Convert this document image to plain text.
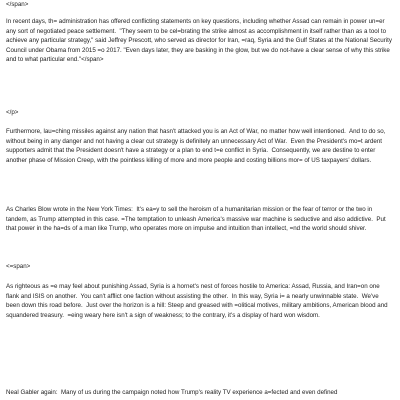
</span>

In recent days, th= administration has offered conflicting statements on key questions, including whether Assad can remain in power un=er any sort of negotiated peace settlement.  "They seem to be cel=brating the strike almost as accomplishment in itself rather than as a tool to achieve any particular strategy," said Jeffrey Prescott, who served as director for Iran, =raq, Syria and the Gulf States at the National Security Council under Obama from 2015 =o 2017. "Even days later, they are basking in the glow, but we do not-have a clear sense of why this strike and to what particular end."</span>

</p>

Furthermore, lau=ching missiles against any nation that hasn't attacked you is an Act of War, no matter how well intentioned.  And to do so, without being in any danger and not having a clear cut strategy is definitely an unnecessary Act of War.  Even the President's mo=t ardent supporters admit that the President doesn't have a strategy or a plan to end t=e conflict in Syria.  Consequently, we are destine to enter another phase of Mission Creep, with the pointless killing of more and more people and costing billions mor= of US taxpayers' dollars.

As Charles Blow wrote in the New York Times:  It's ea=y to sell the heroism of a humanitarian mission or the fear of terror or the two in tandem, as Trump attempted in this case. =The temptation to unleash America's massive war machine is seductive and also addictive.  Put that power in the ha=ds of a man like Trump, who operates more on impulse and intuition than intellect, =nd the world should shiver.

<=span>

As righteous as =e may feel about punishing Assad, Syria is a hornet's nest of forces hostile to America: Assad, Russia, and Iran=on one flank and ISIS on another.  You can't afflict one faction without assisting the other.  In this way, Syria i= a nearly unwinnable state.  We've been down this road before.  Just over the horizon is a hill: Steep and greased with =olitical motives, military ambitions, American blood and squandered treasury.  =eing weary here isn't a sign of weakness; to the contrary, it's a display of hard won wisdom.

Neal Gabler again:  Many of us during the campaign noted how Trump's reality TV experience a=fected and even defined
